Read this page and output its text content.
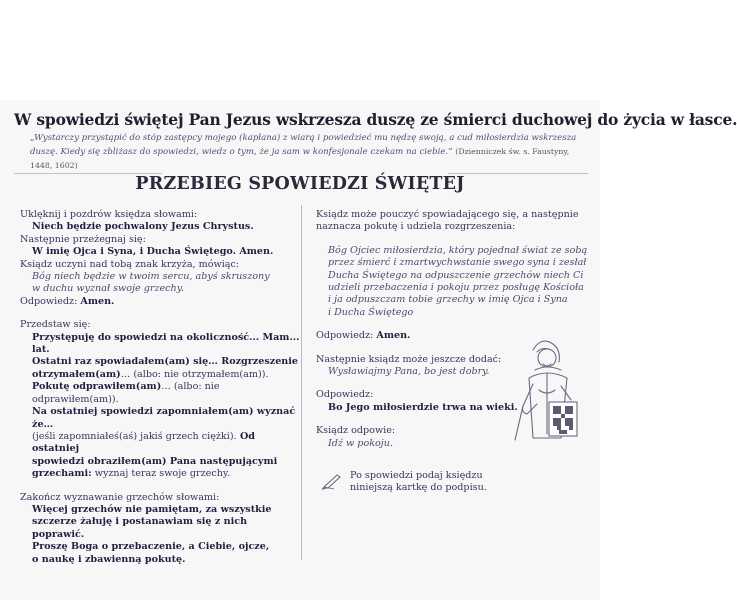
W spowiedzi świętej Pan Jezus wskrzesza duszę ze śmierci duchowej do życia w łasce.
„Wystarczy przystąpić do stóp zastępcy mojego (kapłana) z wiarą i powiedzieć mu nędzę swoją, a cud miłosierdzia wskrzesza
duszę. Kiedy się zbliżasz do spowiedzi, wiedz o tym, że ja sam w konfesjonale czekam na ciebie.” (Dzienniczek św. s. Faustyny, 1448, 1602)
PRZEBIEG SPOWIEDZI ŚWIĘTEJ

Uklęknij i pozdrów księdza słowami:

Niech będzie pochwalony Jezus Chrystus.

Następnie przeżegnaj się:

W imię Ojca i Syna, i Ducha Świętego. Amen.

Ksiądz uczyni nad tobą znak krzyża, mówiąc:

Bóg niech będzie w twoim sercu, abyś skruszony

w duchu wyznał swoje grzechy.

Odpowiedz: Amen.

Przedstaw się:

Przystępuję do spowiedzi na okoliczność... Mam... lat.

Ostatni raz spowiadałem(am) się… Rozgrzeszenie

otrzymałem(am)… (albo: nie otrzymałem(am)).

Pokutę odprawiłem(am)… (albo: nie odprawiłem(am)).

Na ostatniej spowiedzi zapomniałem(am) wyznać że…

(jeśli zapomniałeś(aś) jakiś grzech ciężki). Od ostatniej

spowiedzi obraziłem(am) Pana następującymi

grzechami: wyznaj teraz swoje grzechy.

Zakończ wyznawanie grzechów słowami:

Więcej grzechów nie pamiętam, za wszystkie

szczerze żałuję i postanawiam się z nich poprawić.

Proszę Boga o przebaczenie, a Ciebie, ojcze,

o naukę i zbawienną pokutę.

Ksiądz może pouczyć spowiadającego się, a następnie

naznacza pokutę i udziela rozgrzeszenia:

Bóg Ojciec miłosierdzia, który pojednał świat ze sobą

przez śmierć i zmartwychwstanie swego syna i zesłał

Ducha Świętego na odpuszczenie grzechów niech Ci

udzieli przebaczenia i pokoju przez posługę Kościoła

i ja odpuszczam tobie grzechy w imię Ojca i Syna

i Ducha Świętego

Odpowiedz: Amen.

Następnie ksiądz może jeszcze dodać:

Wysławiajmy Pana, bo jest dobry.

Odpowiedz:

Bo Jego miłosierdzie trwa na wieki.

Ksiądz odpowie:

Idź w pokoju.

Po spowiedzi podaj księdzu
niniejszą kartkę do podpisu.
